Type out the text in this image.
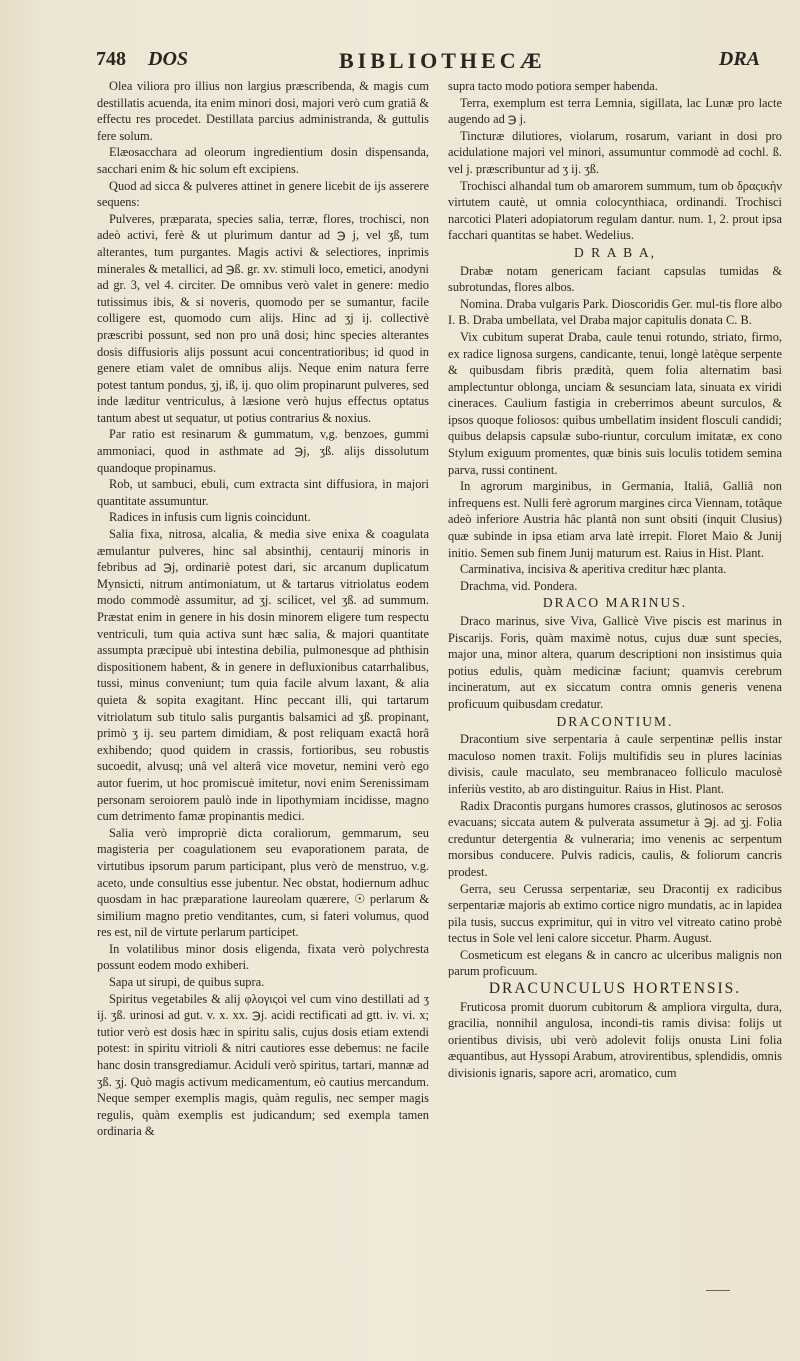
748 DOS	BIBLIOTHECÆ	DRA

Olea viliora pro illius non largius præscribenda, & magis cum destillatis acuenda, ita enim minori dosi, majori verò cum gratiâ & effectu res procedet. Destillata parcius administranda, & guttulis fere solum.

Elæosacchara ad oleorum ingredientium dosin dispensanda, sacchari enim & hic solum eft excipiens.

Quod ad sicca & pulveres attinet in genere licebit de ijs asserere sequens:

Pulveres, præparata, species salia, terræ, flores, trochisci, non adeò activi, ferè & ut plurimum dantur ad ℈ j, vel ʒß, tum alterantes, tum purgantes. Magis activi & selectiores, inprimis minerales & metallici, ad ℈ß. gr. xv. stimuli loco, emetici, anodyni ad gr. 3, vel 4. circiter. De omnibus verò valet in genere: medio tutissimus ibis, & si noveris, quomodo per se sumantur, facile colligere est, quomodo cum alijs. Hinc ad ʒj ij. collectivè præscribi possunt, sed non pro unâ dosi; hinc species alterantes dosis diffusioris alijs possunt acui concentratioribus; id quod in genere etiam valet de omnibus alijs. Neque enim natura ferre potest tantum pondus, ʒj, iß, ij. quo olim propinarunt pulveres, sed inde læditur ventriculus, à læsione verò hujus effectus optatus tantum abest ut sequatur, ut potius contrarius & noxius.

Par ratio est resinarum & gummatum, v,g. benzoes, gummi ammoniaci, quod in asthmate ad ℈j, ʒß. alijs dissolutum quandoque propinamus.

Rob, ut sambuci, ebuli, cum extracta sint diffusiora, in majori quantitate assumuntur.

Radices in infusis cum lignis coincidunt.

Salia fixa, nitrosa, alcalia, & media sive enixa & coagulata æmulantur pulveres, hinc sal absinthij, centaurij minoris in febribus ad ℈j, ordinariè potest dari, sic arcanum duplicatum Mynsicti, nitrum antimoniatum, ut & tartarus vitriolatus eodem modo commodè assumitur, ad ʒj. scilicet, vel ʒß. ad summum. Præstat enim in genere in his dosin minorem eligere tum respectu ventriculi, tum quia activa sunt hæc salia, & majori quantitate assumpta præcipuè ubi intestina debilia, pulmonesque ad phthisin dispositionem habent, & in genere in defluxionibus catarrhalibus, tussi, minus conveniunt; tum quia facile alvum laxant, & alia quieta & sopita exagitant. Hinc peccant illi, qui tartarum vitriolatum sub titulo salis purgantis balsamici ad ʒß. propinant, primò ʒ ij. seu partem dimidiam, & post reliquam exactâ horâ exhibendo; quod quidem in crassis, fortioribus, seu robustis sucoedit, alvusq; unâ vel alterâ vice movetur, nemini verò ego autor fuerim, ut hoc promiscuè imitetur, novi enim Serenissimam personam seroiorem paulò inde in lipothymiam incidisse, magno cum detrimento famæ propinantis medici.

Salia verò impropriè dicta coraliorum, gemmarum, seu magisteria per coagulationem seu evaporationem parata, de virtutibus ipsorum parum participant, plus verò de menstruo, v.g. aceto, unde consultius esse jubentur. Nec obstat, hodiernum adhuc quosdam in hac præparatione laureolam quærere, ☉ perlarum & similium magno pretio venditantes, cum, si fateri volumus, quod res est, nil de virtute perlarum participet.

In volatilibus minor dosis eligenda, fixata verò polychresta possunt eodem modo exhiberi.

Sapa ut sirupi, de quibus supra.

Spiritus vegetabiles & alij φλογιςοὶ vel cum vino destillati ad ʒ ij. ʒß. urinosi ad gut. v. x. xx. ℈j. acidi rectificati ad gtt. iv. vi. x; tutior verò est dosis hæc in spiritu salis, cujus dosis etiam extendi potest: in spiritu vitrioli & nitri cautiores esse debemus: ne facile hanc dosin transgrediamur. Aciduli verò spiritus, tartari, mannæ ad ʒß. ʒj. Quò magis activum medicamentum, eò cautius mercandum. Neque semper exemplis magis, quàm regulis, nec semper magis regulis, quàm exemplis est judicandum; sed exempla tamen ordinaria &

supra tacto modo potiora semper habenda.

Terra, exemplum est terra Lemnia, sigillata, lac Lunæ pro lacte augendo ad ℈ j.

Tincturæ dilutiores, violarum, rosarum, variant in dosi pro acidulatione majori vel minori, assumuntur commodè ad cochl. ß. vel j. præscribuntur ad ʒ ij. ʒß.

Trochisci alhandal tum ob amarorem summum, tum ob δραςικὴν virtutem cautè, ut omnia colocynthiaca, ordinandi. Trochisci narcotici Plateri adopiatorum regulam dantur. num. 1, 2. prout ipsa facchari quantitas se habet. Wedelius.

D R A B A,

Drabæ notam genericam faciant capsulas tumidas & subrotundas, flores albos.

Nomina. Draba vulgaris Park. Dioscoridis Ger. mul-tis flore albo I. B. Draba umbellata, vel Draba major capitulis donata C. B.

Vix cubitum superat Draba, caule tenui rotundo, striato, firmo, ex radice lignosa surgens, candicante, tenui, longè latèque serpente & quibusdam fibris prædità, quem folia alternatim basi amplectuntur oblonga, unciam & sesunciam lata, sinuata ex viridi cineraces. Caulium fastigia in creberrimos abeunt surculos, & ipsos quoque foliosos: quibus umbellatim insident flosculi candidi; quibus delapsis capsulæ subo-riuntur, corculum imitatæ, ex cono Stylum exiguum promentes, quæ binis suis loculis totidem semina parva, russi continent.

In agrorum marginibus, in Germania, Italiâ, Galliâ non infrequens est. Nulli ferè agrorum margines circa Viennam, totâque adeò inferiore Austria hâc plantâ non sunt obsiti (inquit Clusius) quæ subinde in ipsa etiam arva latè irrepit. Floret Maio & Junij initio. Semen sub finem Junij maturum est. Raius in Hist. Plant.

Carminativa, incisiva & aperitiva creditur hæc planta.

Drachma, vid. Pondera.

DRACO MARINUS.

Draco marinus, sive Viva, Gallicè Vive piscis est marinus in Piscarijs. Foris, quàm maximè notus, cujus duæ sunt species, major una, minor altera, quarum descriptioni non insistimus quia potius edulis, quàm medicinæ faciunt; quamvis cerebrum incineratum, aut ex siccatum contra omnis generis venena proficuum quibusdam credatur.

DRACONTIUM.

Dracontium sive serpentaria à caule serpentinæ pellis instar maculoso nomen traxit. Folijs multifidis seu in plures lacinias divisis, caule maculato, seu membranaceo folliculo maculosè inferiùs vestito, ab aro distinguitur. Raius in Hist. Plant.

Radix Dracontis purgans humores crassos, glutinosos ac serosos evacuans; siccata autem & pulverata assumetur à ℈j. ad ʒj. Folia creduntur detergentia & vulneraria; imo venenis ac serpentum morsibus conducere. Pulvis radicis, caulis, & foliorum cancris prodest.

Gerra, seu Cerussa serpentariæ, seu Dracontij ex radicibus serpentariæ majoris ab extimo cortice nigro mundatis, ac in lapidea pila tusis, succus exprimitur, qui in vitro vel vitreato catino probè tectus in Sole vel leni calore siccetur. Pharm. August.

Cosmeticum est elegans & in cancro ac ulceribus malignis non parum proficuum.

DRACUNCULUS HORTENSIS.

Fruticosa promit duorum cubitorum & ampliora virgulta, dura, gracilia, nonnihil angulosa, incondi-tis ramis divisa: folijs ut orientibus divisis, ubi verò adolevit folijs onusta Lini folia æquantibus, aut Hyssopi Arabum, atrovirentibus, splendidis, omnis divisionis ignaris, sapore acri, aromatico, cum
